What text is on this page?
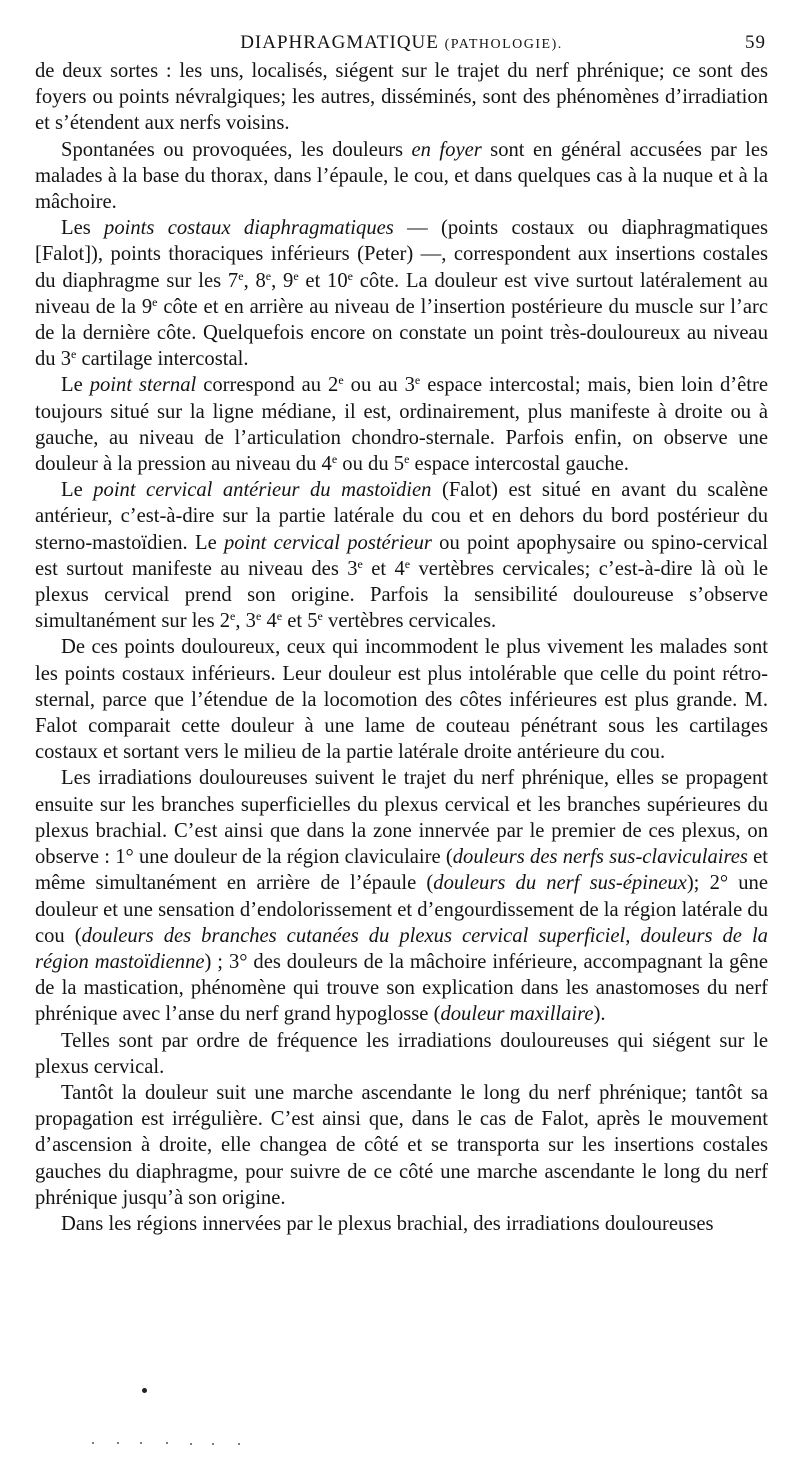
DIAPHRAGMATIQUE (PATHOLOGIE).	59

de deux sortes : les uns, localisés, siégent sur le trajet du nerf phrénique; ce sont des foyers ou points névralgiques; les autres, disséminés, sont des phénomènes d’irradiation et s’étendent aux nerfs voisins.

Spontanées ou provoquées, les douleurs en foyer sont en général accusées par les malades à la base du thorax, dans l’épaule, le cou, et dans quelques cas à la nuque et à la mâchoire.

Les points costaux diaphragmatiques — (points costaux ou diaphragmatiques [Falot]), points thoraciques inférieurs (Peter) —, correspondent aux insertions costales du diaphragme sur les 7e, 8e, 9e et 10e côte. La douleur est vive surtout latéralement au niveau de la 9e côte et en arrière au niveau de l’insertion postérieure du muscle sur l’arc de la dernière côte. Quelquefois encore on constate un point très-douloureux au niveau du 3e cartilage intercostal.

Le point sternal correspond au 2e ou au 3e espace intercostal; mais, bien loin d’être toujours situé sur la ligne médiane, il est, ordinairement, plus manifeste à droite ou à gauche, au niveau de l’articulation chondro-sternale. Parfois enfin, on observe une douleur à la pression au niveau du 4e ou du 5e espace intercostal gauche.

Le point cervical antérieur du mastoïdien (Falot) est situé en avant du scalène antérieur, c’est-à-dire sur la partie latérale du cou et en dehors du bord postérieur du sterno-mastoïdien. Le point cervical postérieur ou point apophysaire ou spino-cervical est surtout manifeste au niveau des 3e et 4e vertèbres cervicales; c’est-à-dire là où le plexus cervical prend son origine. Parfois la sensibilité douloureuse s’observe simultanément sur les 2e, 3e 4e et 5e vertèbres cervicales.

De ces points douloureux, ceux qui incommodent le plus vivement les malades sont les points costaux inférieurs. Leur douleur est plus intolérable que celle du point rétro-sternal, parce que l’étendue de la locomotion des côtes inférieures est plus grande. M. Falot comparait cette douleur à une lame de couteau pénétrant sous les cartilages costaux et sortant vers le milieu de la partie latérale droite antérieure du cou.

Les irradiations douloureuses suivent le trajet du nerf phrénique, elles se propagent ensuite sur les branches superficielles du plexus cervical et les branches supérieures du plexus brachial. C’est ainsi que dans la zone innervée par le premier de ces plexus, on observe : 1° une douleur de la région claviculaire (douleurs des nerfs sus-claviculaires et même simultanément en arrière de l’épaule (douleurs du nerf sus-épineux); 2° une douleur et une sensation d’endolorissement et d’engourdissement de la région latérale du cou (douleurs des branches cutanées du plexus cervical superficiel, douleurs de la région mastoïdienne) ; 3° des douleurs de la mâchoire inférieure, accompagnant la gêne de la mastication, phénomène qui trouve son explication dans les anastomoses du nerf phrénique avec l’anse du nerf grand hypoglosse (douleur maxillaire).

Telles sont par ordre de fréquence les irradiations douloureuses qui siégent sur le plexus cervical.

Tantôt la douleur suit une marche ascendante le long du nerf phrénique; tantôt sa propagation est irrégulière. C’est ainsi que, dans le cas de Falot, après le mouvement d’ascension à droite, elle changea de côté et se transporta sur les insertions costales gauches du diaphragme, pour suivre de ce côté une marche ascendante le long du nerf phrénique jusqu’à son origine.

Dans les régions innervées par le plexus brachial, des irradiations douloureuses
